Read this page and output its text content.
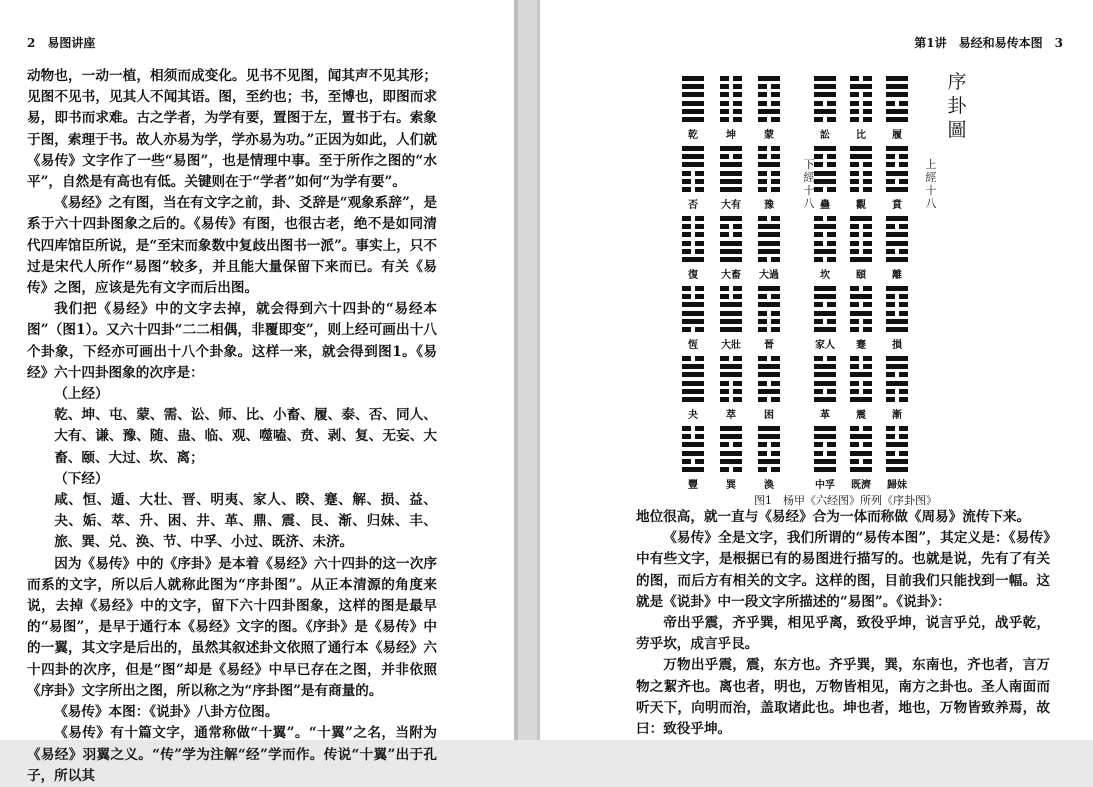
2　易图讲座

动物也，一动一植，相须而成变化。见书不见图，闻其声不见其形；见图不见书，见其人不闻其语。图，至约也；书，至博也，即图而求易，即书而求难。古之学者，为学有要，置图于左，置书于右。索象于图，索理于书。故人亦易为学，学亦易为功。”正因为如此，人们就《易传》文字作了一些“易图”，也是情理中事。至于所作之图的“水平”，自然是有高也有低。关键则在于“学者”如何“为学有要”。

《易经》之有图，当在有文字之前，卦、爻辞是“观象系辞”，是系于六十四卦图象之后的。《易传》有图，也很古老，绝不是如同清代四库馆臣所说，是“至宋而象数中复歧出图书一派”。事实上，只不过是宋代人所作“易图”较多，并且能大量保留下来而已。有关《易传》之图，应该是先有文字而后出图。

我们把《易经》中的文字去掉，就会得到六十四卦的“易经本图”（图1）。又六十四卦“二二相偶，非覆即变”，则上经可画出十八个卦象，下经亦可画出十八个卦象。这样一来，就会得到图1。《易经》六十四卦图象的次序是：

（上经）

乾、坤、屯、蒙、需、讼、师、比、小畜、履、泰、否、同人、大有、谦、豫、随、蛊、临、观、噬嗑、贲、剥、复、无妄、大畜、颐、大过、坎、离；

（下经）

咸、恒、遁、大壮、晋、明夷、家人、睽、蹇、解、损、益、夬、姤、萃、升、困、井、革、鼎、震、艮、渐、归妹、丰、旅、巽、兑、涣、节、中孚、小过、既济、未济。

因为《易传》中的《序卦》是本着《易经》六十四卦的这一次序而系的文字，所以后人就称此图为“序卦图”。从正本清源的角度来说，去掉《易经》中的文字，留下六十四卦图象，这样的图是最早的“易图”，是早于通行本《易经》文字的图。《序卦》是《易传》中的一翼，其文字是后出的，虽然其叙述卦文依照了通行本《易经》六十四卦的次序，但是“图”却是《易经》中早已存在之图，并非依照《序卦》文字所出之图，所以称之为“序卦图”是有商量的。

《易传》本图：《说卦》八卦方位图。

《易传》有十篇文字，通常称做“十翼”。“十翼”之名，当附为《易经》羽翼之义。“传”学为注解“经”学而作。传说“十翼”出于孔子，所以其

第1讲　易经和易传本图　3
乾	坤	蒙	訟	比	履
否	大有	豫	蠱	觀	賁
復	大畜	大過	坎	頤	離
恆	大壯	晉	家人	蹇	損
夬	萃	困	革	震	漸
豐	巽	渙	中孚	既濟	歸妹
序卦圖
上經十八
下經十八
图1　杨甲《六经图》所列《序卦图》

地位很高，就一直与《易经》合为一体而称做《周易》流传下来。

《易传》全是文字，我们所谓的“易传本图”，其定义是：《易传》中有些文字，是根据已有的易图进行描写的。也就是说，先有了有关的图，而后方有相关的文字。这样的图，目前我们只能找到一幅。这就是《说卦》中一段文字所描述的“易图”。《说卦》：

帝出乎震，齐乎巽，相见乎离，致役乎坤，说言乎兑，战乎乾，劳乎坎，成言乎艮。

万物出乎震，震，东方也。齐乎巽，巽，东南也，齐也者，言万物之絜齐也。离也者，明也，万物皆相见，南方之卦也。圣人南面而听天下，向明而治，盖取诸此也。坤也者，地也，万物皆致养焉，故曰：致役乎坤。
